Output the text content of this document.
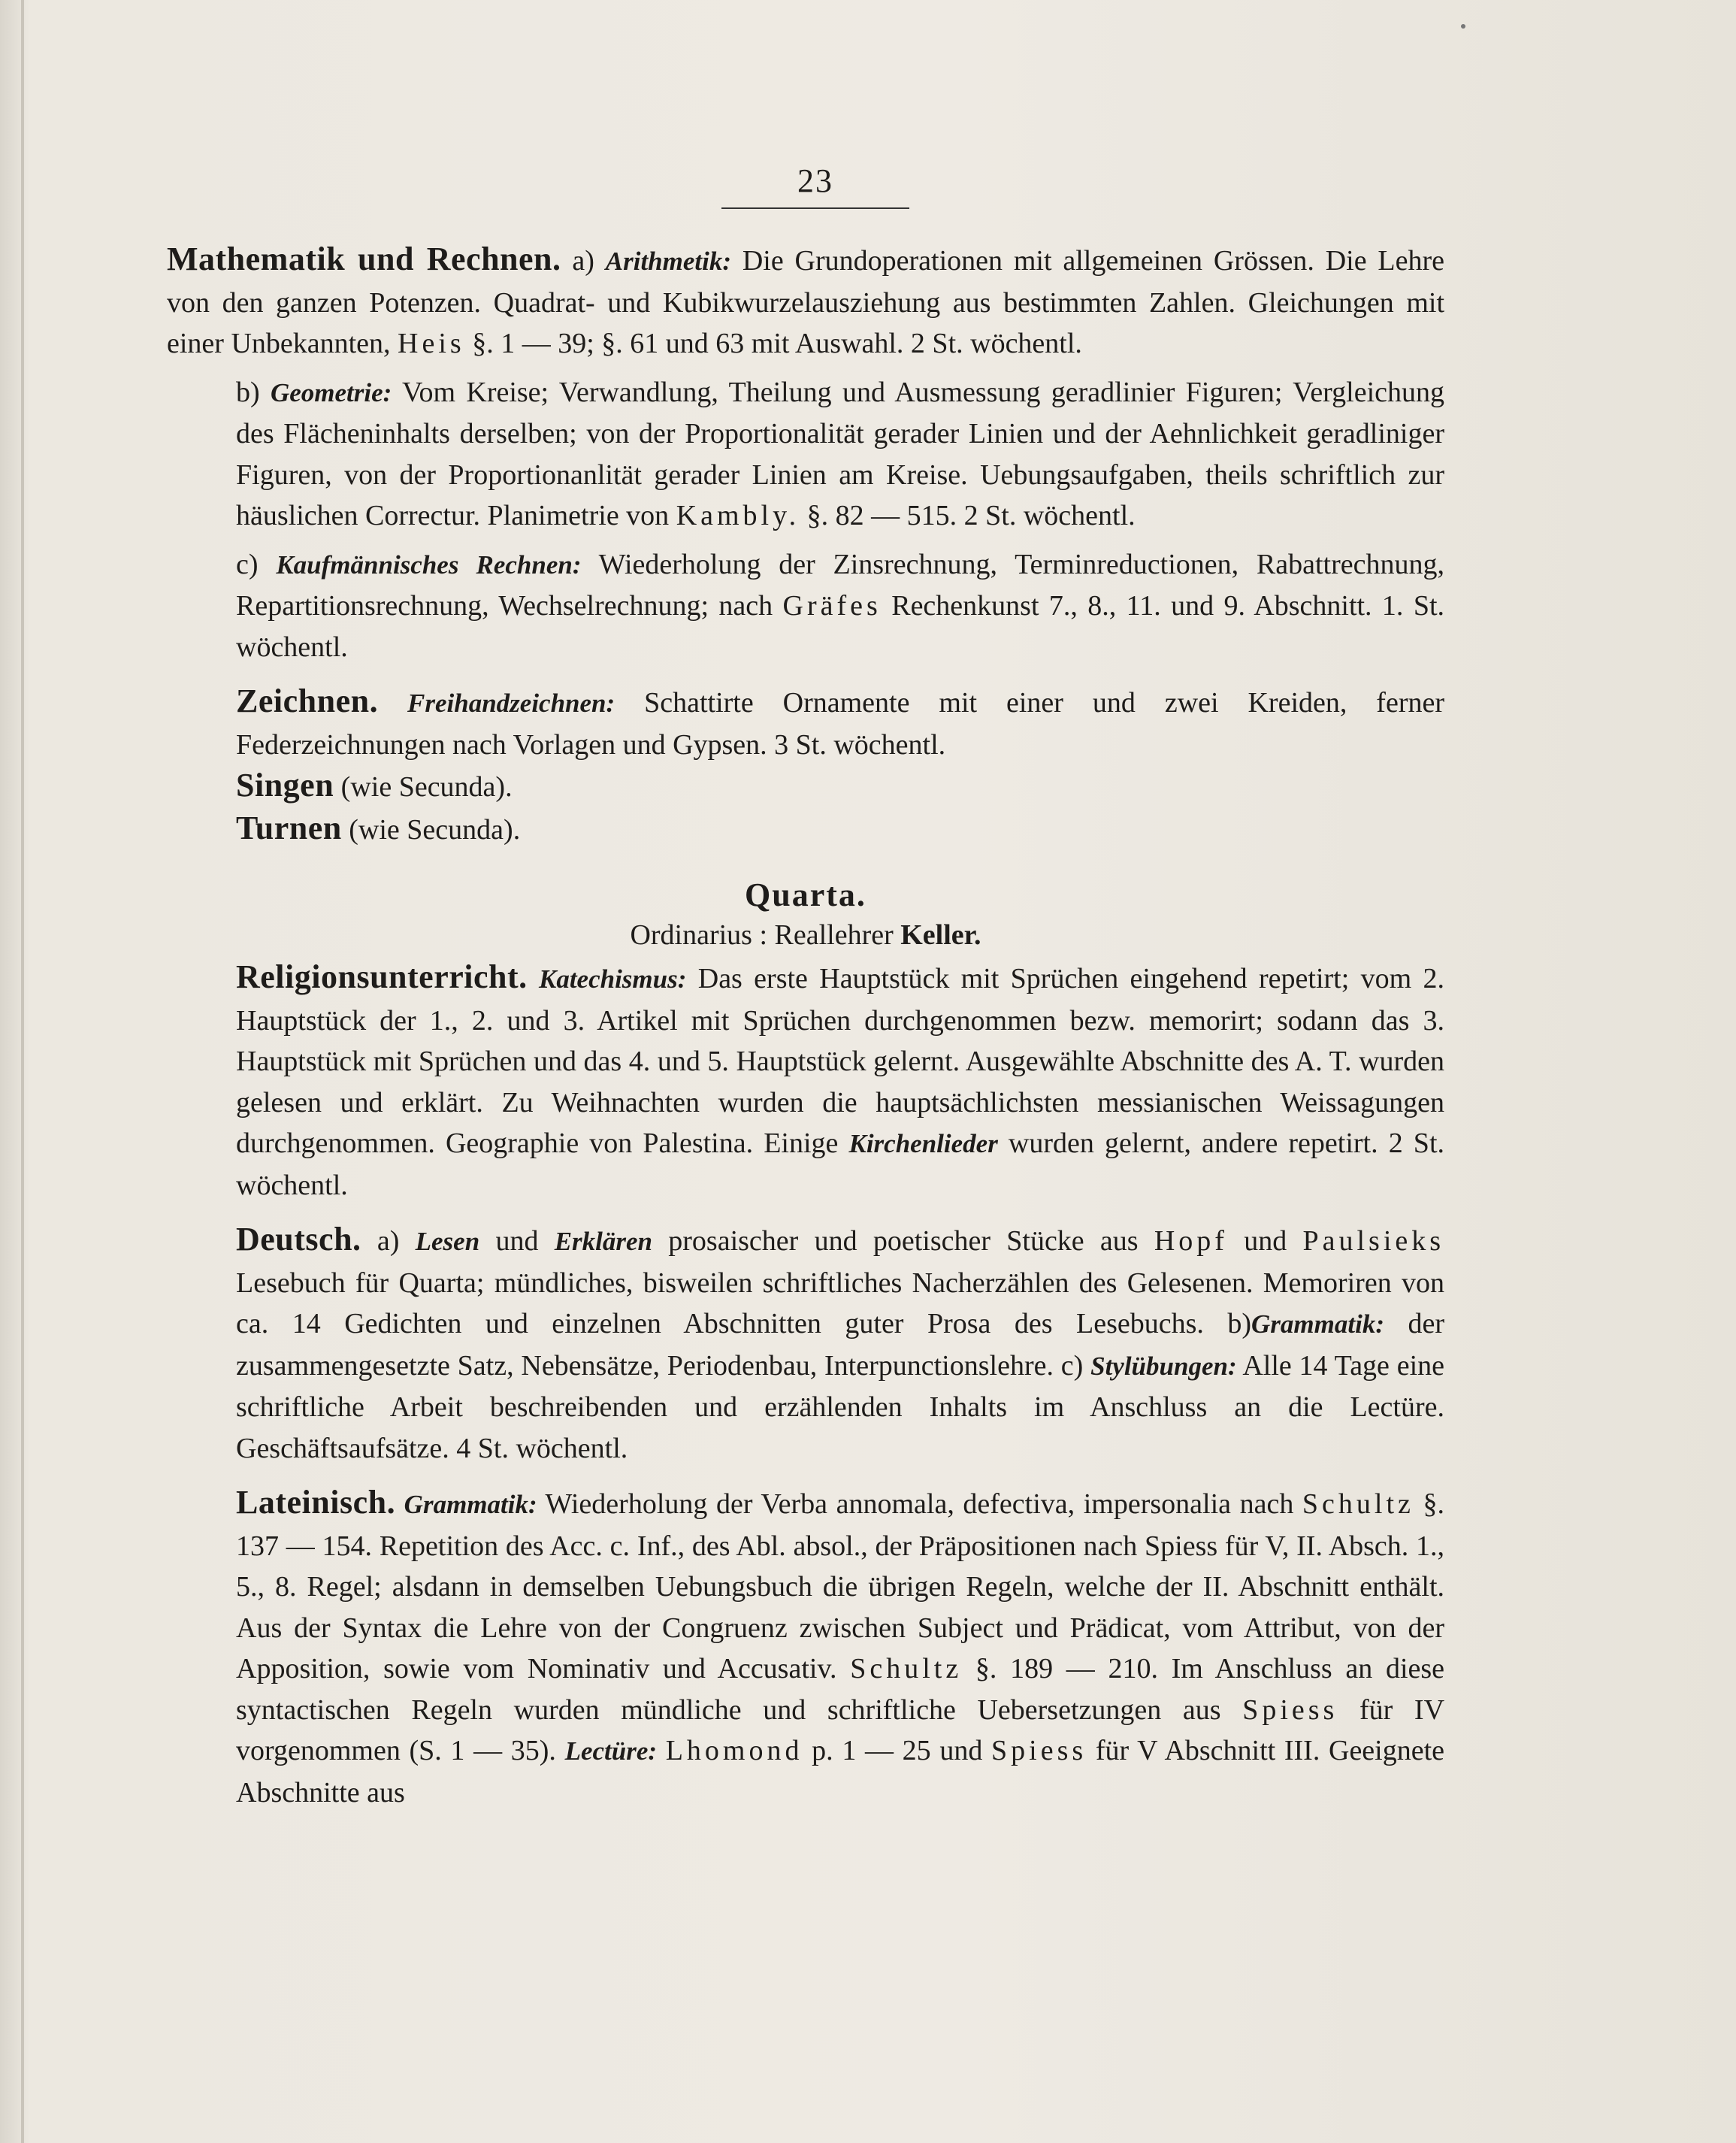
23

Mathematik und Rechnen. a) Arithmetik: Die Grundoperationen mit allgemeinen Grössen. Die Lehre von den ganzen Potenzen. Quadrat- und Kubikwurzelausziehung aus bestimmten Zahlen. Gleichungen mit einer Unbekannten, Heis §. 1 — 39; §. 61 und 63 mit Auswahl. 2 St. wöchentl.

b) Geometrie: Vom Kreise; Verwandlung, Theilung und Ausmessung geradlinier Figuren; Vergleichung des Flächeninhalts derselben; von der Proportionalität gerader Linien und der Aehnlichkeit geradliniger Figuren, von der Proportionanlität gerader Linien am Kreise. Uebungsaufgaben, theils schriftlich zur häuslichen Correctur. Planimetrie von Kambly. §. 82 — 515. 2 St. wöchentl.

c) Kaufmännisches Rechnen: Wiederholung der Zinsrechnung, Terminreductionen, Rabattrechnung, Repartitionsrechnung, Wechselrechnung; nach Gräfes Rechenkunst 7., 8., 11. und 9. Abschnitt. 1. St. wöchentl.

Zeichnen. Freihandzeichnen: Schattirte Ornamente mit einer und zwei Kreiden, ferner Federzeichnungen nach Vorlagen und Gypsen. 3 St. wöchentl.

Singen (wie Secunda).

Turnen (wie Secunda).

Quarta.
Ordinarius : Reallehrer Keller.

Religionsunterricht. Katechismus: Das erste Hauptstück mit Sprüchen eingehend repetirt; vom 2. Hauptstück der 1., 2. und 3. Artikel mit Sprüchen durchgenommen bezw. memorirt; sodann das 3. Hauptstück mit Sprüchen und das 4. und 5. Hauptstück gelernt. Ausgewählte Abschnitte des A. T. wurden gelesen und erklärt. Zu Weihnachten wurden die hauptsächlichsten messianischen Weissagungen durchgenommen. Geographie von Palestina. Einige Kirchenlieder wurden gelernt, andere repetirt. 2 St. wöchentl.

Deutsch. a) Lesen und Erklären prosaischer und poetischer Stücke aus Hopf und Paulsieks Lesebuch für Quarta; mündliches, bisweilen schriftliches Nacherzählen des Gelesenen. Memoriren von ca. 14 Gedichten und einzelnen Abschnitten guter Prosa des Lesebuchs. b)Grammatik: der zusammengesetzte Satz, Nebensätze, Periodenbau, Interpunctionslehre. c) Stylübungen: Alle 14 Tage eine schriftliche Arbeit beschreibenden und erzählenden Inhalts im Anschluss an die Lectüre. Geschäftsaufsätze. 4 St. wöchentl.

Lateinisch. Grammatik: Wiederholung der Verba annomala, defectiva, impersonalia nach Schultz §. 137 — 154. Repetition des Acc. c. Inf., des Abl. absol., der Präpositionen nach Spiess für V, II. Absch. 1., 5., 8. Regel; alsdann in demselben Uebungsbuch die übrigen Regeln, welche der II. Abschnitt enthält. Aus der Syntax die Lehre von der Congruenz zwischen Subject und Prädicat, vom Attribut, von der Apposition, sowie vom Nominativ und Accusativ. Schultz §. 189 — 210. Im Anschluss an diese syntactischen Regeln wurden mündliche und schriftliche Uebersetzungen aus Spiess für IV vorgenommen (S. 1 — 35). Lectüre: Lhomond p. 1 — 25 und Spiess für V Abschnitt III. Geeignete Abschnitte aus
